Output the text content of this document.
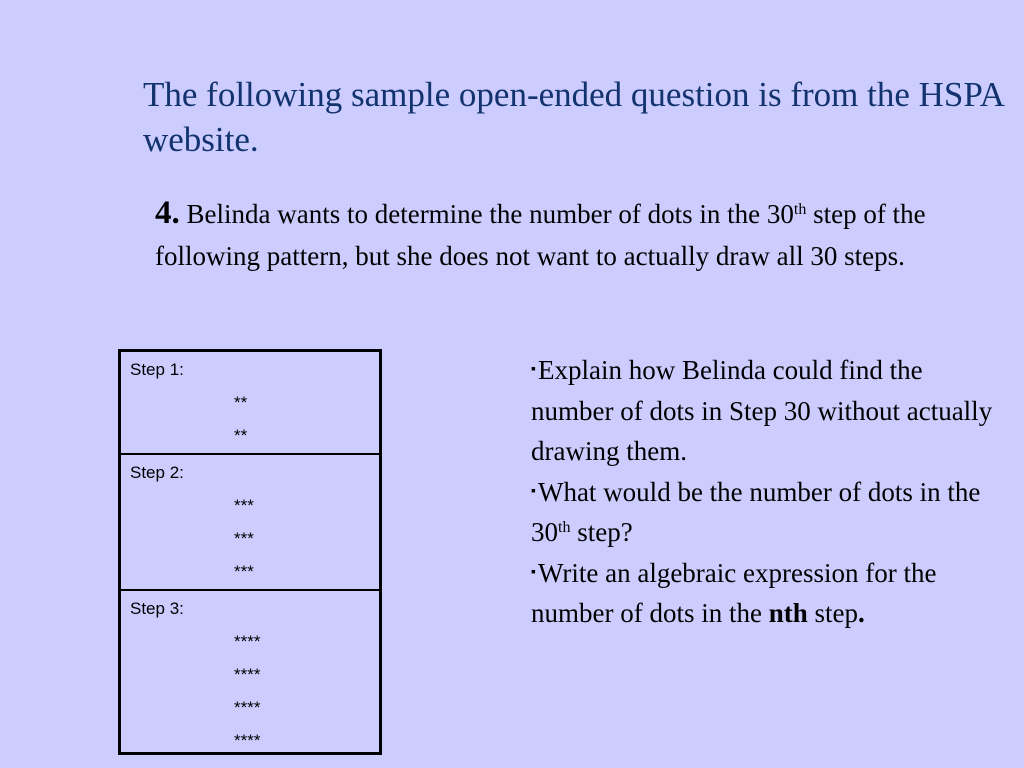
The following sample open-ended question is from the HSPA website.
4. Belinda wants to determine the number of dots in the 30th step of the following pattern, but she does not want to actually draw all 30 steps.
Step 1:
**
**
Step 2:
***
***
***
Step 3:
****
****
****
****

▪Explain how Belinda could find the number of dots in Step 30 without actually drawing them.

▪What would be the number of dots in the 30th step?

▪Write an algebraic expression for the number of dots in the nth step.
